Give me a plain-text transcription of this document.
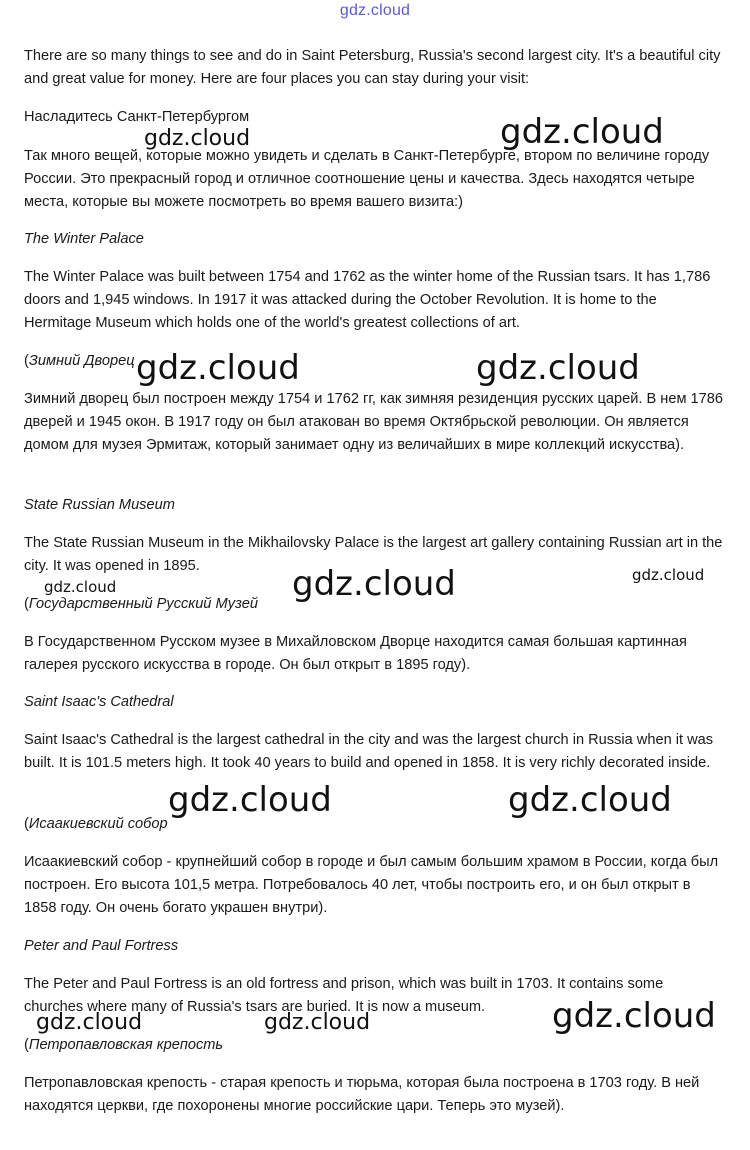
gdz.cloud

There are so many things to see and do in Saint Petersburg, Russia's second largest city. It's a beautiful city and great value for money. Here are four places you can stay during your visit:

Насладитесь Санкт-Петербургом

Так много вещей, которые можно увидеть и сделать в Санкт-Петербурге, втором по величине городу России. Это прекрасный город и отличное соотношение цены и качества. Здесь находятся четыре места, которые вы можете посмотреть во время вашего визита:)

The Winter Palace

The Winter Palace was built between 1754 and 1762 as the winter home of the Russian tsars. It has 1,786 doors and 1,945 windows. In 1917 it was attacked during the October Revolution. It is home to the Hermitage Museum which holds one of the world's greatest collections of art.

(Зимний Дворец

Зимний дворец был построен между 1754 и 1762 гг, как зимняя резиденция русских царей. В нем 1786 дверей и 1945 окон. В 1917 году он был атакован во время Октябрьской революции. Он является домом для музея Эрмитаж, который занимает одну из величайших в мире коллекций искусства).

State Russian Museum

The State Russian Museum in the Mikhailovsky Palace is the largest art gallery containing Russian art in the city. It was opened in 1895.

(Государственный Русский Музей

В Государственном Русском музее в Михайловском Дворце находится самая большая картинная галерея русского искусства в городе. Он был открыт в 1895 году).

Saint Isaac's Cathedral

Saint Isaac's Cathedral is the largest cathedral in the city and was the largest church in Russia when it was built. It is 101.5 meters high. It took 40 years to build and opened in 1858. It is very richly decorated inside.

(Исаакиевский собор

Исаакиевский собор - крупнейший собор в городе и был самым большим храмом в России, когда был построен. Его высота 101,5 метра. Потребовалось 40 лет, чтобы построить его, и он был открыт в 1858 году. Он очень богато украшен внутри).

Peter and Paul Fortress

The Peter and Paul Fortress is an old fortress and prison, which was built in 1703. It contains some churches where many of Russia's tsars are buried. It is now a museum.

(Петропавловская крепость

Петропавловская крепость - старая крепость и тюрьма, которая была построена в 1703 году. В ней находятся церкви, где похоронены многие российские цари. Теперь это музей).

gdz.cloud	gdz.cloud
gdz.cloud	gdz.cloud
gdz.cloud	gdz.cloud	gdz.cloud
gdz.cloud	gdz.cloud
gdz.cloud	gdz.cloud	gdz.cloud
